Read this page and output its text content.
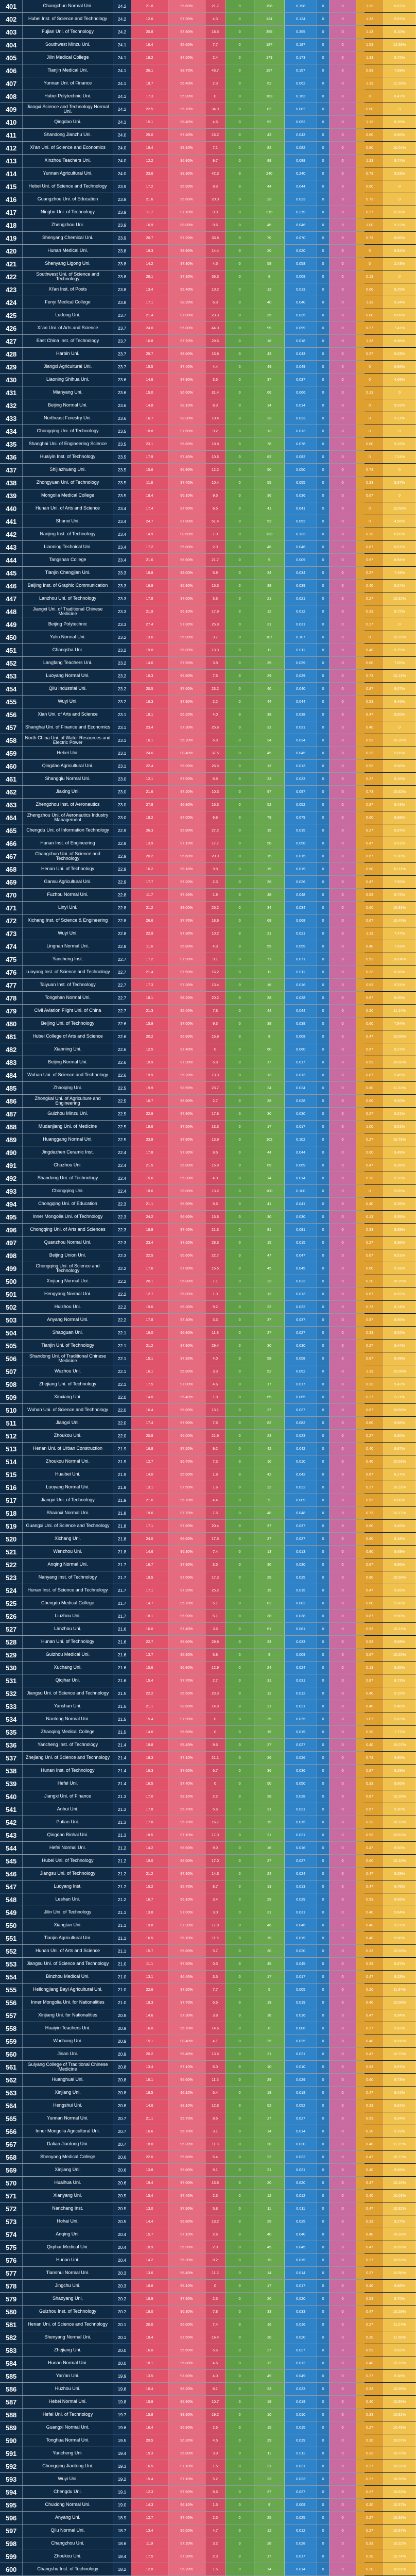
401	Changchun Normal Uni.	24.2	21.8	95.60%	21.7	0	198	0.198	0	0	1.33	6.67%
402	Hubei Inst. of Science and Technology	24.2	12.6	97.30%	4.3	0	124	0.124	0	0	1.33	9.97%
403	Fujian Uni. of Technology	24.2	20.8	97.80%	18.5	0	355	0.355	0	0	1.13	6.10%
404	Southwest Minzu Uni.	24.1	16.4	95.60%	7.7	0	187	0.187	0	0	1.53	12.38%
405	Jilin Medical College	24.1	19.2	97.20%	2.4	0	173	0.173	0	0	1.33	9.72%
406	Tianjin Medical Uni.	24.1	26.1	98.70%	43.7	0	157	0.157	0	0	0.93	7.59%
407	Yunnan Uni. of Finance	24.1	18.7	96.40%	2.3	0	62	0.062	0	0	1.13	12.28%
408	Hubei Polytechnic Uni.	24.1	17.3	95.90%	0	0	163	0.163	0	0	0	8.47%
409	Jiangxi Science and Technology Normal Uni.	24.1	22.5	96.70%	34.9	0	82	0.082	0	0	0.60	0
410	Qingdao Uni.	24.1	15.1	98.40%	4.6	0	52	0.052	0	0	1.13	8.39%
411	Shandong Jianzhu Uni.	24.0	25.0	97.40%	16.2	0	43	0.043	0	0	0.60	6.95%
412	Xi'an Uni. of Science and Economics	24.0	19.4	98.10%	7.1	0	82	0.082	0	0	0.80	10.04%
413	Xinzhou Teachers Uni.	24.0	12.2	96.80%	9.7	0	88	0.088	0	0	1.33	9.74%
414	Yunnan Agricultural Uni.	24.0	23.6	98.30%	42.3	0	240	0.240	0	0	0.73	8.53%
415	Hebei Uni. of Science and Technology	23.9	17.2	96.90%	9.3	0	44	0.044	0	0	0.60	0
416	Guangzhou Uni. of Education	23.9	21.6	96.60%	20.0	0	23	0.023	0	0	0.73	0
417	Ningbo Uni. of Technology	23.9	11.7	97.10%	9.9	0	219	0.219	0	0	0.27	6.35%
418	Zhengzhou Uni.	23.9	16.9	98.00%	9.6	0	46	0.046	0	0	1.00	9.12%
419	Shenyang Chemical Uni.	23.9	20.7	97.20%	33.8	0	70	0.070	0	0	0.73	8.06%
420	Hunan Medical Uni.	23.8	18.3	98.90%	14.4	0	20	0.020	0	0	0	8.84%
421	Shenyang Ligong Uni.	23.8	14.2	97.80%	4.5	0	58	0.058	0	0	0	2.43%
422	Southwest Uni. of Science and Technology	23.8	28.1	97.30%	36.3	0	8	0.008	0	0	0.13	0
423	Xi'an Inst. of Posts	23.8	13.4	95.40%	10.2	0	13	0.013	0	0	0.60	8.25%
424	Fenyi Medical College	23.8	17.1	98.20%	6.3	0	40	0.040	0	0	1.33	9.34%
425	Ludong Uni.	23.7	21.4	97.00%	23.3	0	35	0.035	0	0	0.80	8.05%
426	Xi'an Uni. of Arts and Science	23.7	24.0	96.80%	44.0	0	99	0.099	0	0	0.27	7.41%
427	East China Inst. of Technology	23.7	16.8	97.70%	29.6	0	18	0.018	0	0	1.33	6.98%
428	Harbin Uni.	23.7	25.7	98.60%	15.8	0	43	0.043	0	0	0.27	6.03%
429	Jiangxi Agricultural Uni.	23.7	15.5	97.40%	4.4	0	49	0.049	0	0	0	6.86%
430	Liaoning Shihua Uni.	23.6	14.6	97.90%	3.6	0	37	0.037	0	0	0	4.68%
431	Mianyang Uni.	23.6	15.0	96.60%	31.4	0	66	0.066	0	0	0.13	0
432	Beijing Normal Uni.	23.6	14.8	98.10%	8.3	0	14	0.014	0	0	0	9.93%
433	Northeast Forestry Uni.	23.6	16.7	98.30%	10.4	0	23	0.023	0	0	0	6.11%
434	Chongqing Uni. of Technology	23.5	18.8	97.60%	9.2	0	13	0.013	0	0	0	0
435	Shanghai Uni. of Engineering Science	23.5	23.1	96.60%	18.8	0	78	0.078	0	0	0.60	9.33%
436	Huaiyin Inst. of Technology	23.5	17.9	97.40%	10.6	0	82	0.082	0	0	0	7.24%
437	Shijiazhuang Uni.	23.5	15.6	96.90%	12.2	0	50	0.050	0	0	0.73	0
438	Zhongyuan Uni. of Technology	23.5	11.8	97.40%	10.4	0	55	0.055	0	0	0.33	9.37%
439	Mongolia Medical College	23.5	18.4	96.10%	9.5	0	36	0.036	0	0	0.67	0
440	Hunan Uni. of Arts and Science	23.4	17.4	97.60%	6.5	0	41	0.041	0	0	0	10.58%
441	Shanxi Uni.	23.4	24.7	97.80%	51.4	0	53	0.053	0	0	0	4.56%
442	Nanjing Inst. of Technology	23.4	14.9	98.60%	7.0	0	133	0.133	0	0	0.13	6.89%
443	Liaoning Technical Uni.	23.4	17.2	95.80%	2.0	0	46	0.046	0	0	0.67	8.61%
444	Tangshan College	23.4	21.6	96.90%	21.7	0	9	0.009	0	0	0.67	8.94%
445	Tianjin Chengjian Uni.	23.3	16.8	98.00%	5.9	0	34	0.034	0	0	0.27	7.49%
446	Beijing Inst. of Graphic Communication	23.3	16.9	96.30%	15.5	0	39	0.039	0	0	0.40	9.24%
447	Lanzhou Uni. of Technology	23.3	17.8	97.00%	3.6	0	21	0.021	0	0	0.27	10.32%
448	Jiangxi Uni. of Traditional Chinese Medicine	23.3	21.9	96.10%	17.9	0	12	0.012	0	0	0.33	8.72%
449	Beijing Polytechnic	23.3	27.4	97.80%	25.8	0	31	0.031	0	0	0.27	0
450	Yulin Normal Uni.	23.2	13.6	96.90%	3.7	0	107	0.107	0	0	0	10.76%
451	Changsha Uni.	23.2	19.0	96.80%	13.3	0	11	0.011	0	0	0.40	9.79%
452	Langfang Teachers Uni.	23.2	14.6	97.50%	3.8	0	39	0.039	0	0	0.60	7.05%
453	Luoyang Normal Uni.	23.2	16.3	96.80%	7.6	0	29	0.029	0	0	0.73	10.13%
454	Qilu Industrial Uni.	23.2	20.5	97.60%	23.2	0	40	0.040	0	0	0.87	9.07%
455	Wuyi Uni.	23.2	16.3	97.90%	2.2	0	44	0.044	0	0	0.53	8.46%
456	Xian Uni. of Arts and Science	23.1	18.1	96.20%	4.0	0	38	0.038	0	0	0.47	9.50%
457	Shanghai Uni. of Finance and Economics	23.1	23.4	97.30%	25.6	0	31	0.031	0	0	0.40	0
458	North China Uni. of Water Resources and Electric Power	23.1	16.1	96.20%	6.8	0	34	0.034	0	0	0.93	10.26%
459	Hebei Uni.	23.1	24.6	98.40%	37.5	0	45	0.045	0	0	0.33	5.05%
460	Qingdao Agricultural Uni.	23.1	22.4	96.90%	26.5	0	13	0.013	0	0	0.53	9.58%
461	Shangqiu Normal Uni.	23.0	12.1	97.50%	8.9	0	23	0.023	0	0	0.27	9.16%
462	Jiaxing Uni.	23.0	21.6	97.20%	10.3	0	97	0.097	0	0	0.73	10.62%
463	Zhengzhou Inst. of Aeronautics	23.0	27.8	96.80%	15.3	0	52	0.052	0	0	0.87	9.43%
464	Zhengzhou Uni. of Aeronautics Industry Management	23.0	18.2	97.00%	6.9	0	79	0.079	0	0	0.60	8.99%
465	Chengdu Uni. of Information Technology	22.9	26.3	96.80%	27.2	0	15	0.015	0	0	0.27	6.07%
466	Hunan Inst. of Engineering	22.9	13.9	97.10%	17.7	0	58	0.058	0	0	0.47	9.51%
467	Changchun Uni. of Science and Technology	22.9	20.2	96.60%	20.9	0	15	0.015	0	0	0.67	9.30%
468	Henan Uni. of Technology	22.9	16.2	98.10%	9.8	0	19	0.019	0	0	0.60	10.11%
469	Gansu Agricultural Uni.	22.9	17.7	97.20%	2.3	0	26	0.026	0	0	0.47	7.92%
470	Fuzhou Normal Uni.	22.8	11.7	97.40%	1.9	0	48	0.048	0	0	0.53	9.72%
471	Linyi Uni.	22.8	21.2	98.00%	25.2	0	34	0.034	0	0	0.60	10.83%
472	Xichang Inst. of Science & Engineering	22.8	26.6	97.70%	18.6	0	68	0.068	0	0	0.67	10.40%
473	Wuyi Uni.	22.8	22.9	97.30%	10.2	0	21	0.021	0	0	1.13	7.47%
474	Lingnan Normal Uni.	22.8	11.6	96.80%	4.3	0	55	0.055	0	0	0.40	7.53%
475	Yancheng Inst.	22.7	17.2	97.90%	9.1	0	71	0.071	0	0	0.53	10.04%
476	Luoyang Inst. of Science and Technology	22.7	21.4	97.50%	16.2	0	11	0.011	0	0	0.33	8.38%
477	Taiyuan Inst. of Technology	22.7	17.3	97.30%	13.4	0	16	0.016	0	0	0.53	9.31%
478	Tongshan Normal Uni.	22.7	18.1	98.20%	20.2	0	28	0.028	0	0	0.67	8.05%
479	Civil Aviation Flight Uni. of China	22.7	21.3	95.40%	7.8	0	44	0.044	0	0	0.20	11.14%
480	Beijing Uni. of Technology	22.6	15.9	97.00%	9.3	0	38	0.038	0	0	0.60	7.84%
481	Hubei College of Arts and Science	22.6	20.2	96.90%	15.9	0	8	0.008	0	0	0.47	10.05%
482	Xianning Uni.	22.6	12.5	97.40%	0	0	60	0.060	0	0	0.67	9.27%
483	Beijing Normal Uni.	22.6	18.9	97.30%	5.8	0	17	0.017	0	0	0.53	10.80%
484	Wuhan Uni. of Science and Technology	22.6	19.9	96.20%	13.3	0	13	0.013	0	0	0.87	9.45%
485	Zhaoqing Uni.	22.5	19.9	98.50%	23.7	0	24	0.024	0	0	0.80	11.23%
486	Zhongkai Uni. of Agriculture and Engineering	22.5	16.7	96.80%	2.7	0	28	0.028	0	0	0.60	9.50%
487	Guizhou Minzu Uni.	22.5	22.9	97.80%	17.8	0	30	0.030	0	0	0.27	8.31%
488	Mudanjiang Uni. of Medicine	22.5	19.6	97.50%	13.3	0	17	0.017	0	0	1.00	8.51%
489	Huanggang Normal Uni.	22.5	23.8	97.80%	13.9	0	102	0.102	0	0	0.27	10.79%
490	Jingdezhen Ceramic Inst.	22.4	17.8	97.30%	9.5	0	44	0.044	0	0	0.60	9.49%
491	Chuzhou Uni.	22.4	21.5	96.80%	15.8	0	69	0.069	0	0	0.47	8.35%
492	Shandong Uni. of Technology	22.4	15.6	95.30%	4.0	0	14	0.014	0	0	0.13	9.70%
493	Chongqing Uni.	22.4	18.6	98.80%	13.2	0	100	0.100	0	0	0	9.05%
494	Chongqing Uni. of Education	22.3	21.1	96.90%	8.6	0	41	0.041	0	0	0.40	8.28%
495	Inner Mongolia Uni. of Technology	22.3	24.2	96.60%	15.6	0	30	0.030	0	0	0.13	9.35%
496	Chongqing Uni. of Arts and Sciences	22.3	19.9	97.40%	21.3	0	81	0.081	0	0	0.33	9.59%
497	Quanzhou Normal Uni.	22.3	23.4	97.20%	28.3	0	15	0.015	0	0	0.27	8.36%
498	Beijing Union Uni.	22.3	22.5	96.60%	22.7	0	47	0.047	0	0	0.67	8.51%
499	Chongqing Uni. of Science and Technology	22.2	17.6	97.80%	15.5	0	45	0.045	0	0	0.60	5.33%
500	Xinjiang Normal Uni.	22.2	20.1	96.80%	7.1	0	23	0.023	0	0	0.20	10.25%
501	Hengyang Normal Uni.	22.2	12.7	96.80%	1.3	0	13	0.013	0	0	0.67	8.92%
502	Huizhou Uni.	22.2	19.6	96.30%	9.2	0	22	0.022	0	0	0.73	8.14%
503	Anyang Normal Uni.	22.2	17.8	97.40%	3.3	0	37	0.037	0	0	0.87	8.95%
504	Shaoguan Uni.	22.1	16.0	96.80%	11.8	0	27	0.027	0	0	0.33	8.52%
505	Tianjin Uni. of Technology	22.1	21.2	97.90%	29.4	0	30	0.030	0	0	0.27	9.44%
506	Shandong Uni. of Traditional Chinese Medicine	22.1	15.1	97.30%	4.0	0	58	0.058	0	0	0.67	8.48%
507	Wuzhou Uni.	22.1	16.1	95.80%	3.3	0	52	0.052	0	0	1.13	10.06%
508	Zhejiang Uni. of Technology	22.1	17.5	97.00%	4.6	0	17	0.017	0	0	0.33	9.42%
509	Xinxiang Uni.	22.0	14.0	96.40%	1.8	0	65	0.065	0	0	0.27	8.11%
510	Wuhan Uni. of Science and Technology	22.0	16.4	96.80%	13.1	0	27	0.027	0	0	0.87	10.68%
511	Jiangxi Uni.	22.0	17.4	97.90%	7.6	0	82	0.082	0	0	0.60	9.68%
512	Zhoukou Uni.	22.0	20.8	96.00%	21.9	0	23	0.023	0	0	0.27	8.80%
513	Henan Uni. of Urban Construction	21.9	16.8	97.20%	9.2	0	42	0.042	0	0	0.40	9.87%
514	Zhoukou Normal Uni.	21.9	12.7	96.70%	7.3	0	10	0.010	0	0	0.40	10.03%
515	Huaibei Uni.	21.9	14.0	95.60%	1.8	0	42	0.042	0	0	0.67	8.17%
516	Luoyang Normal Uni.	21.9	13.1	97.50%	1.6	0	22	0.022	0	0	0.27	10.31%
517	Jiangxi Uni. of Technology	21.9	21.6	96.70%	4.4	0	9	0.009	0	0	0.53	8.58%
518	Shaanxi Normal Uni.	21.8	19.6	97.70%	7.5	0	48	0.048	0	0	0.73	10.17%
519	Guangxi Uni. of Science and Technology	21.8	17.1	97.80%	20.4	0	37	0.037	0	0	0.60	9.45%
520	Xichang Uni.	21.8	24.0	96.60%	17.5	0	27	0.027	0	0	0.80	9.18%
521	Wenzhou Uni.	21.8	14.6	96.30%	7.4	0	13	0.013	0	0	0.80	8.69%
522	Anqing Normal Uni.	21.7	16.7	97.90%	3.5	0	30	0.030	0	0	0.67	8.96%
523	Nanyang Inst. of Technology	21.7	19.5	97.60%	17.3	0	25	0.025	0	0	0.80	10.58%
524	Hunan Inst. of Science and Technology	21.7	17.1	97.20%	25.2	0	15	0.015	0	0	0.47	9.92%
525	Chengdu Medical College	21.7	14.7	95.70%	5.1	0	82	0.082	0	0	0.60	9.36%
526	Liuzhou Uni.	21.7	18.1	96.90%	5.1	0	38	0.038	0	0	0.87	9.90%
527	Lanzhou Uni.	21.6	16.0	97.40%	3.6	0	61	0.061	0	0	0.53	10.21%
528	Hunan Uni. of Technology	21.6	22.7	96.60%	29.8	0	33	0.033	0	0	0.53	9.58%
529	Guizhou Medical Uni.	21.6	13.7	96.30%	5.8	0	9	0.009	0	0	0.67	10.20%
530	Xuchang Uni.	21.6	15.6	96.80%	12.9	0	24	0.024	0	0	0.13	8.35%
531	Qiqihar Uni.	21.6	15.4	97.70%	2.7	0	31	0.031	0	0	0.87	9.73%
532	Jiangsu Uni. of Science and Technology	21.5	22.2	96.50%	23.3	0	12	0.012	0	0	0.40	9.15%
533	Yanshan Uni.	21.5	21.1	98.60%	14.8	0	21	0.021	0	0	0.40	9.46%
534	Nantong Normal Uni.	21.5	15.4	97.90%	0	0	25	0.025	0	0	1.07	9.63%
535	Zhaoqing Medical College	21.5	14.6	96.50%	0	0	19	0.019	0	0	0.20	7.71%
536	Yancheng Inst. of Technology	21.4	19.8	95.40%	9.5	0	27	0.027	0	0	0.40	10.07%
537	Zhejiang Uni. of Science and Technology	21.4	18.3	97.10%	21.1	0	26	0.026	0	0	0.73	9.95%
538	Hunan Inst. of Technology	21.4	16.3	97.60%	6.7	0	36	0.036	0	0	0.87	9.29%
539	Hefei Uni.	21.4	16.5	97.40%	0	0	50	0.050	0	0	0.33	9.66%
540	Jiangxi Uni. of Finance	21.3	17.0	98.10%	2.2	0	28	0.028	0	0	0.87	10.28%
541	Anhui Uni.	21.3	17.8	95.70%	5.6	0	31	0.031	0	0	0.67	9.30%
542	Putian Uni.	21.3	17.8	96.70%	16.7	0	15	0.015	0	0	0.33	10.10%
543	Qingdao Binhai Uni.	21.3	18.5	97.10%	17.0	0	21	0.021	0	0	0.53	10.63%
544	Hefei Normal Uni.	21.2	14.2	96.50%	9.0	0	16	0.016	0	0	0.47	9.56%
545	Hubei Uni. of Technology	21.2	19.0	96.50%	17.0	0	27	0.027	0	0	0.60	10.10%
546	Jiangsu Uni. of Technology	21.2	21.2	97.30%	14.6	0	24	0.024	0	0	0.47	9.29%
547	Luoyang Inst.	21.2	15.2	96.70%	8.7	0	13	0.013	0	0	0.47	9.76%
548	Leshan Uni.	21.2	16.7	96.10%	3.4	0	29	0.029	0	0	0.53	8.66%
549	Jilin Uni. of Technology	21.1	13.8	97.00%	3.0	0	31	0.031	0	0	0.40	9.64%
550	Xiangtan Uni.	21.1	19.8	97.30%	17.8	0	46	0.046	0	0	0.40	9.27%
551	Tianjin Agricultural Uni.	21.1	16.5	96.10%	11.6	0	19	0.019	0	0	0.40	9.96%
552	Hunan Uni. of Arts and Science	21.1	15.7	95.80%	5.7	0	20	0.020	0	0	0.33	10.55%
553	Jiangsu Uni. of Science and Technology	21.0	11.1	97.50%	0.3	0	45	0.045	0	0	0.33	8.87%
554	Binzhou Medical Uni.	21.0	13.1	96.40%	3.5	0	17	0.017	0	0	0.47	9.28%
555	Heilongjiang Bayi Agricultural Uni.	21.0	22.6	97.20%	7.7	0	5	0.005	0	0	0.20	11.34%
556	Inner Mongolia Uni. for Nationalities	21.0	18.3	97.70%	5.5	0	19	0.019	0	0	0.40	10.06%
557	Xinjiang Uni. for Nationalities	20.9	14.6	97.30%	3.8	0	16	0.016	0	0	0.47	9.94%
558	Huaiyin Teachers Uni.	20.9	16.0	96.70%	14.6	0	8	0.008	0	0	0.27	9.63%
559	Wuchang Uni.	20.9	15.1	98.40%	4.1	0	25	0.025	0	0	0.40	10.85%
560	Jinan Uni.	20.9	20.2	96.40%	13.6	0	21	0.021	0	0	0.47	10.70%
561	Guiyang College of Traditional Chinese Medicine	20.8	13.4	97.10%	6.0	0	10	0.010	0	0	0.53	9.97%
562	Huanghuai Uni.	20.8	16.1	96.60%	11.5	0	29	0.029	0	0	0.60	9.73%
563	Xinjiang Uni.	20.8	18.5	96.10%	5.4	0	18	0.018	0	0	0.47	9.42%
564	Hengshui Uni.	20.8	14.6	98.10%	12.8	0	52	0.052	0	0	0.33	9.91%
565	Yunnan Normal Uni.	20.7	21.1	95.70%	9.5	0	27	0.027	0	0	0.53	9.34%
566	Inner Mongolia Agricultural Uni.	20.7	16.6	96.70%	3.1	0	14	0.014	0	0	0.20	9.19%
567	Dalian Jiaotong Uni.	20.7	18.0	96.20%	11.8	0	20	0.020	0	0	0.40	11.29%
568	Shenyang Medical College	20.6	22.0	95.60%	5.4	0	22	0.022	0	0	0.47	10.73%
569	Xinjiang Uni.	20.6	13.8	95.80%	9.1	0	21	0.021	0	0	0.40	9.68%
570	Huaihua Uni.	20.6	19.4	97.60%	13.8	0	20	0.020	0	0	0.47	10.16%
571	Xianyang Uni.	20.5	15.4	97.40%	2.3	0	12	0.012	0	0	0.40	10.03%
572	Nanchang Inst.	20.5	13.0	97.90%	5.8	0	11	0.011	0	0	0.47	10.32%
573	Hohai Uni.	20.5	14.4	96.80%	13.2	0	25	0.025	0	0	0.33	9.27%
574	Anqing Uni.	20.4	15.7	97.10%	2.6	0	40	0.040	0	0	0.40	10.33%
575	Qiqihar Medical Uni.	20.4	18.9	96.90%	2.0	0	45	0.045	0	0	0.47	10.65%
576	Hunan Uni.	20.4	14.2	96.30%	8.2	0	19	0.019	0	0	0.27	10.53%
577	Tianshui Normal Uni.	20.3	13.6	96.40%	11.2	0	14	0.014	0	0	0.27	10.96%
578	Jingchu Uni.	20.3	16.6	95.10%	0	0	17	0.017	0	0	0.40	8.88%
579	Shaoyang Uni.	20.2	16.9	97.30%	2.5	0	20	0.020	0	0	0.53	9.70%
580	Guizhou Inst. of Technology	20.2	19.0	96.30%	7.8	0	33	0.033	0	0	0.47	10.28%
581	Henan Uni. of Science and Technology	20.1	20.0	96.60%	7.4	0	16	0.016	0	0	0.27	11.07%
582	Shenyang Normal Uni.	20.1	18.4	97.50%	16.4	0	20	0.020	0	0	0.20	11.08%
583	Zhejiang Uni.	20.0	16.0	95.60%	5.6	0	27	0.027	0	0	0.53	9.82%
584	Hunan Normal Uni.	20.0	18.1	96.80%	4.6	0	12	0.012	0	0	0.40	10.18%
585	Yan'an Uni.	19.9	13.5	97.80%	4.0	0	49	0.049	0	0	0.27	9.38%
586	Huzhou Uni.	19.8	16.4	96.20%	8.1	0	23	0.023	0	0	0.33	10.55%
587	Hebei Normal Uni.	19.8	15.9	96.90%	10.7	0	19	0.019	0	0	0.40	10.95%
588	Hefei Uni. of Technology	19.7	15.8	98.30%	19.2	0	10	0.010	0	0	0.33	10.81%
589	Guangxi Normal Uni.	19.6	16.4	96.90%	2.6	0	15	0.015	0	0	0.27	10.49%
590	Tonghua Normal Uni.	19.5	20.5	96.20%	4.5	0	29	0.029	0	0	0.20	10.07%
591	Yuncheng Uni.	19.4	15.3	96.80%	3.9	0	11	0.011	0	0	0.33	10.79%
592	Chongqing Jiaotong Uni.	19.3	16.5	97.10%	1.5	0	21	0.021	0	0	0.27	10.97%
593	Wuyi Uni.	19.2	15.4	97.10%	5.2	0	23	0.023	0	0	0.27	10.39%
594	Chengdu Uni.	19.1	12.3	97.50%	8.6	0	27	0.027	0	0	0.27	10.63%
595	Chuxiong Normal Uni.	19.0	14.3	96.10%	1.5	0	9	0.009	0	0	0.20	10.37%
596	Anyang Uni.	18.9	12.7	97.40%	2.5	0	25	0.025	0	0	0.27	10.36%
597	Qilu Normal Uni.	18.7	13.4	96.50%	4.7	0	12	0.012	0	0	0.27	10.87%
598	Changzhou Uni.	18.6	11.9	97.20%	3.2	0	28	0.028	0	0	0.33	10.22%
599	Zhoukou Uni.	18.4	17.5	97.30%	2.3	0	17	0.017	0	0	0.20	10.74%
600	Changshu Inst. of Technology	18.2	12.8	96.20%	1.5	0	14	0.014	0	0	0.20	10.81%
